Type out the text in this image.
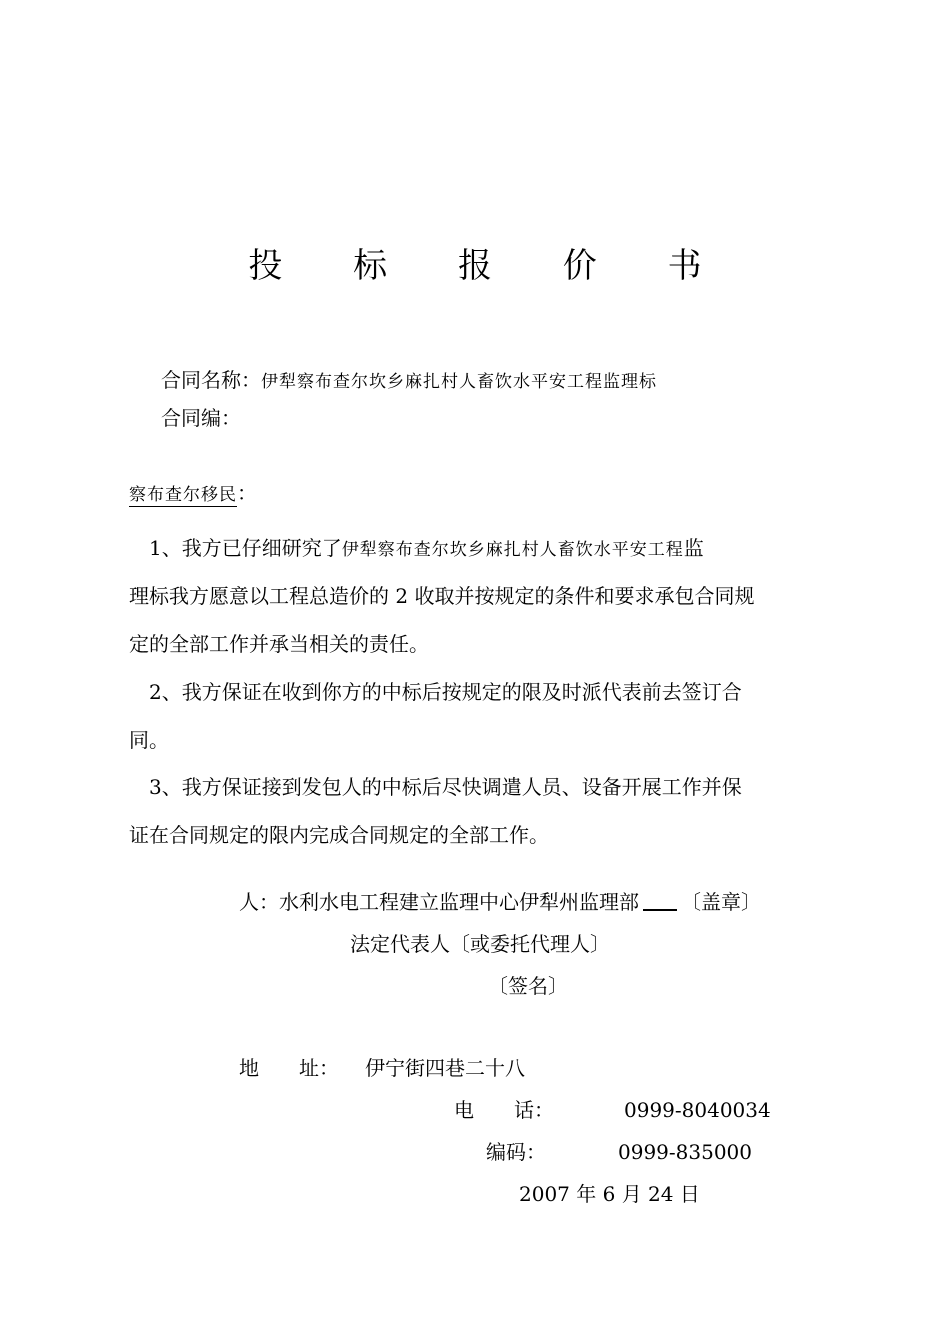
投 标 报 价 书
合同名称：伊犁察布查尔坎乡麻扎村人畜饮水平安工程监理标
合同编：
察布查尔移民：
1、我方已仔细研究了伊犁察布查尔坎乡麻扎村人畜饮水平安工程监
理标我方愿意以工程总造价的 2 收取并按规定的条件和要求承包合同规
定的全部工作并承当相关的责任。
2、我方保证在收到你方的中标后按规定的限及时派代表前去签订合
同。
3、我方保证接到发包人的中标后尽快调遣人员、设备开展工作并保
证在合同规定的限内完成合同规定的全部工作。
人：水利水电工程建立监理中心伊犁州监理部 〔盖章〕
法定代表人〔或委托代理人〕
〔签名〕
地　　址： 伊宁街四巷二十八
电　　话：	0999-8040034
编码：	0999-835000
2007 年 6 月 24 日
